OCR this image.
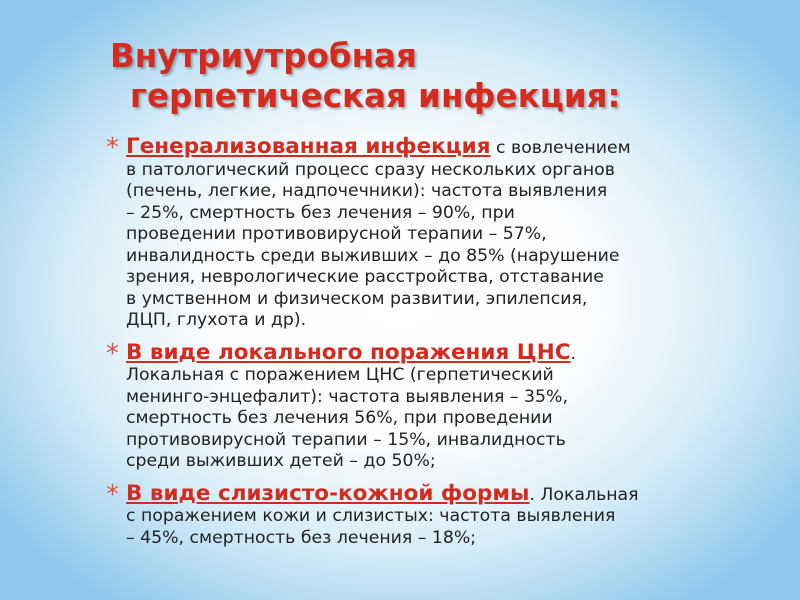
Внутриутробная
герпетическая инфекция:
* Генерализованная инфекция с вовлечением
в патологический процесс сразу нескольких органов
(печень, легкие, надпочечники): частота выявления
– 25%, смертность без лечения – 90%, при
проведении противовирусной терапии – 57%,
инвалидность среди выживших – до 85% (нарушение
зрения, неврологические расстройства, отставание
в умственном и физическом развитии, эпилепсия,
ДЦП, глухота и др).
* В виде локального поражения ЦНС.
Локальная с поражением ЦНС (герпетический
менинго-энцефалит): частота выявления – 35%,
смертность без лечения 56%, при проведении
противовирусной терапии – 15%, инвалидность
среди выживших детей – до 50%;
* В виде слизисто-кожной формы. Локальная
с поражением кожи и слизистых: частота выявления
– 45%, смертность без лечения – 18%;
